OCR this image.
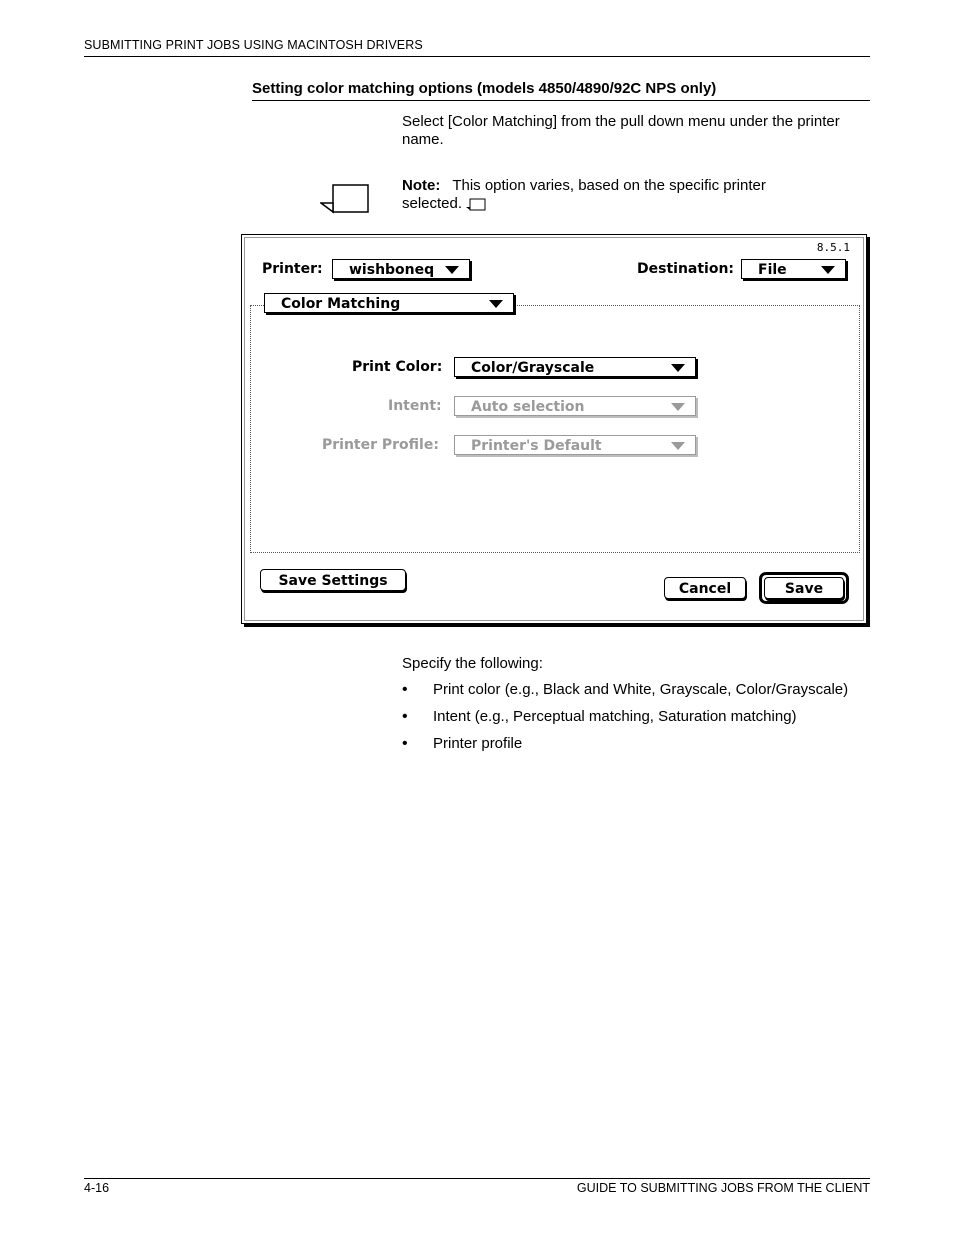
SUBMITTING PRINT JOBS USING MACINTOSH DRIVERS
Setting color matching options (models 4850/4890/92C NPS only)
Select [Color Matching] from the pull down menu under the printer name.
Note: This option varies, based on the specific printer selected.
8.5.1
Printer:	wishboneq	Destination:	File
Color Matching
Print Color:	Color/Grayscale
Intent:	Auto selection
Printer Profile:	Printer's Default
Save Settings	Cancel	Save
Specify the following:
• Print color (e.g., Black and White, Grayscale, Color/Grayscale)
• Intent (e.g., Perceptual matching, Saturation matching)
• Printer profile
4-16	GUIDE TO SUBMITTING JOBS FROM THE CLIENT
